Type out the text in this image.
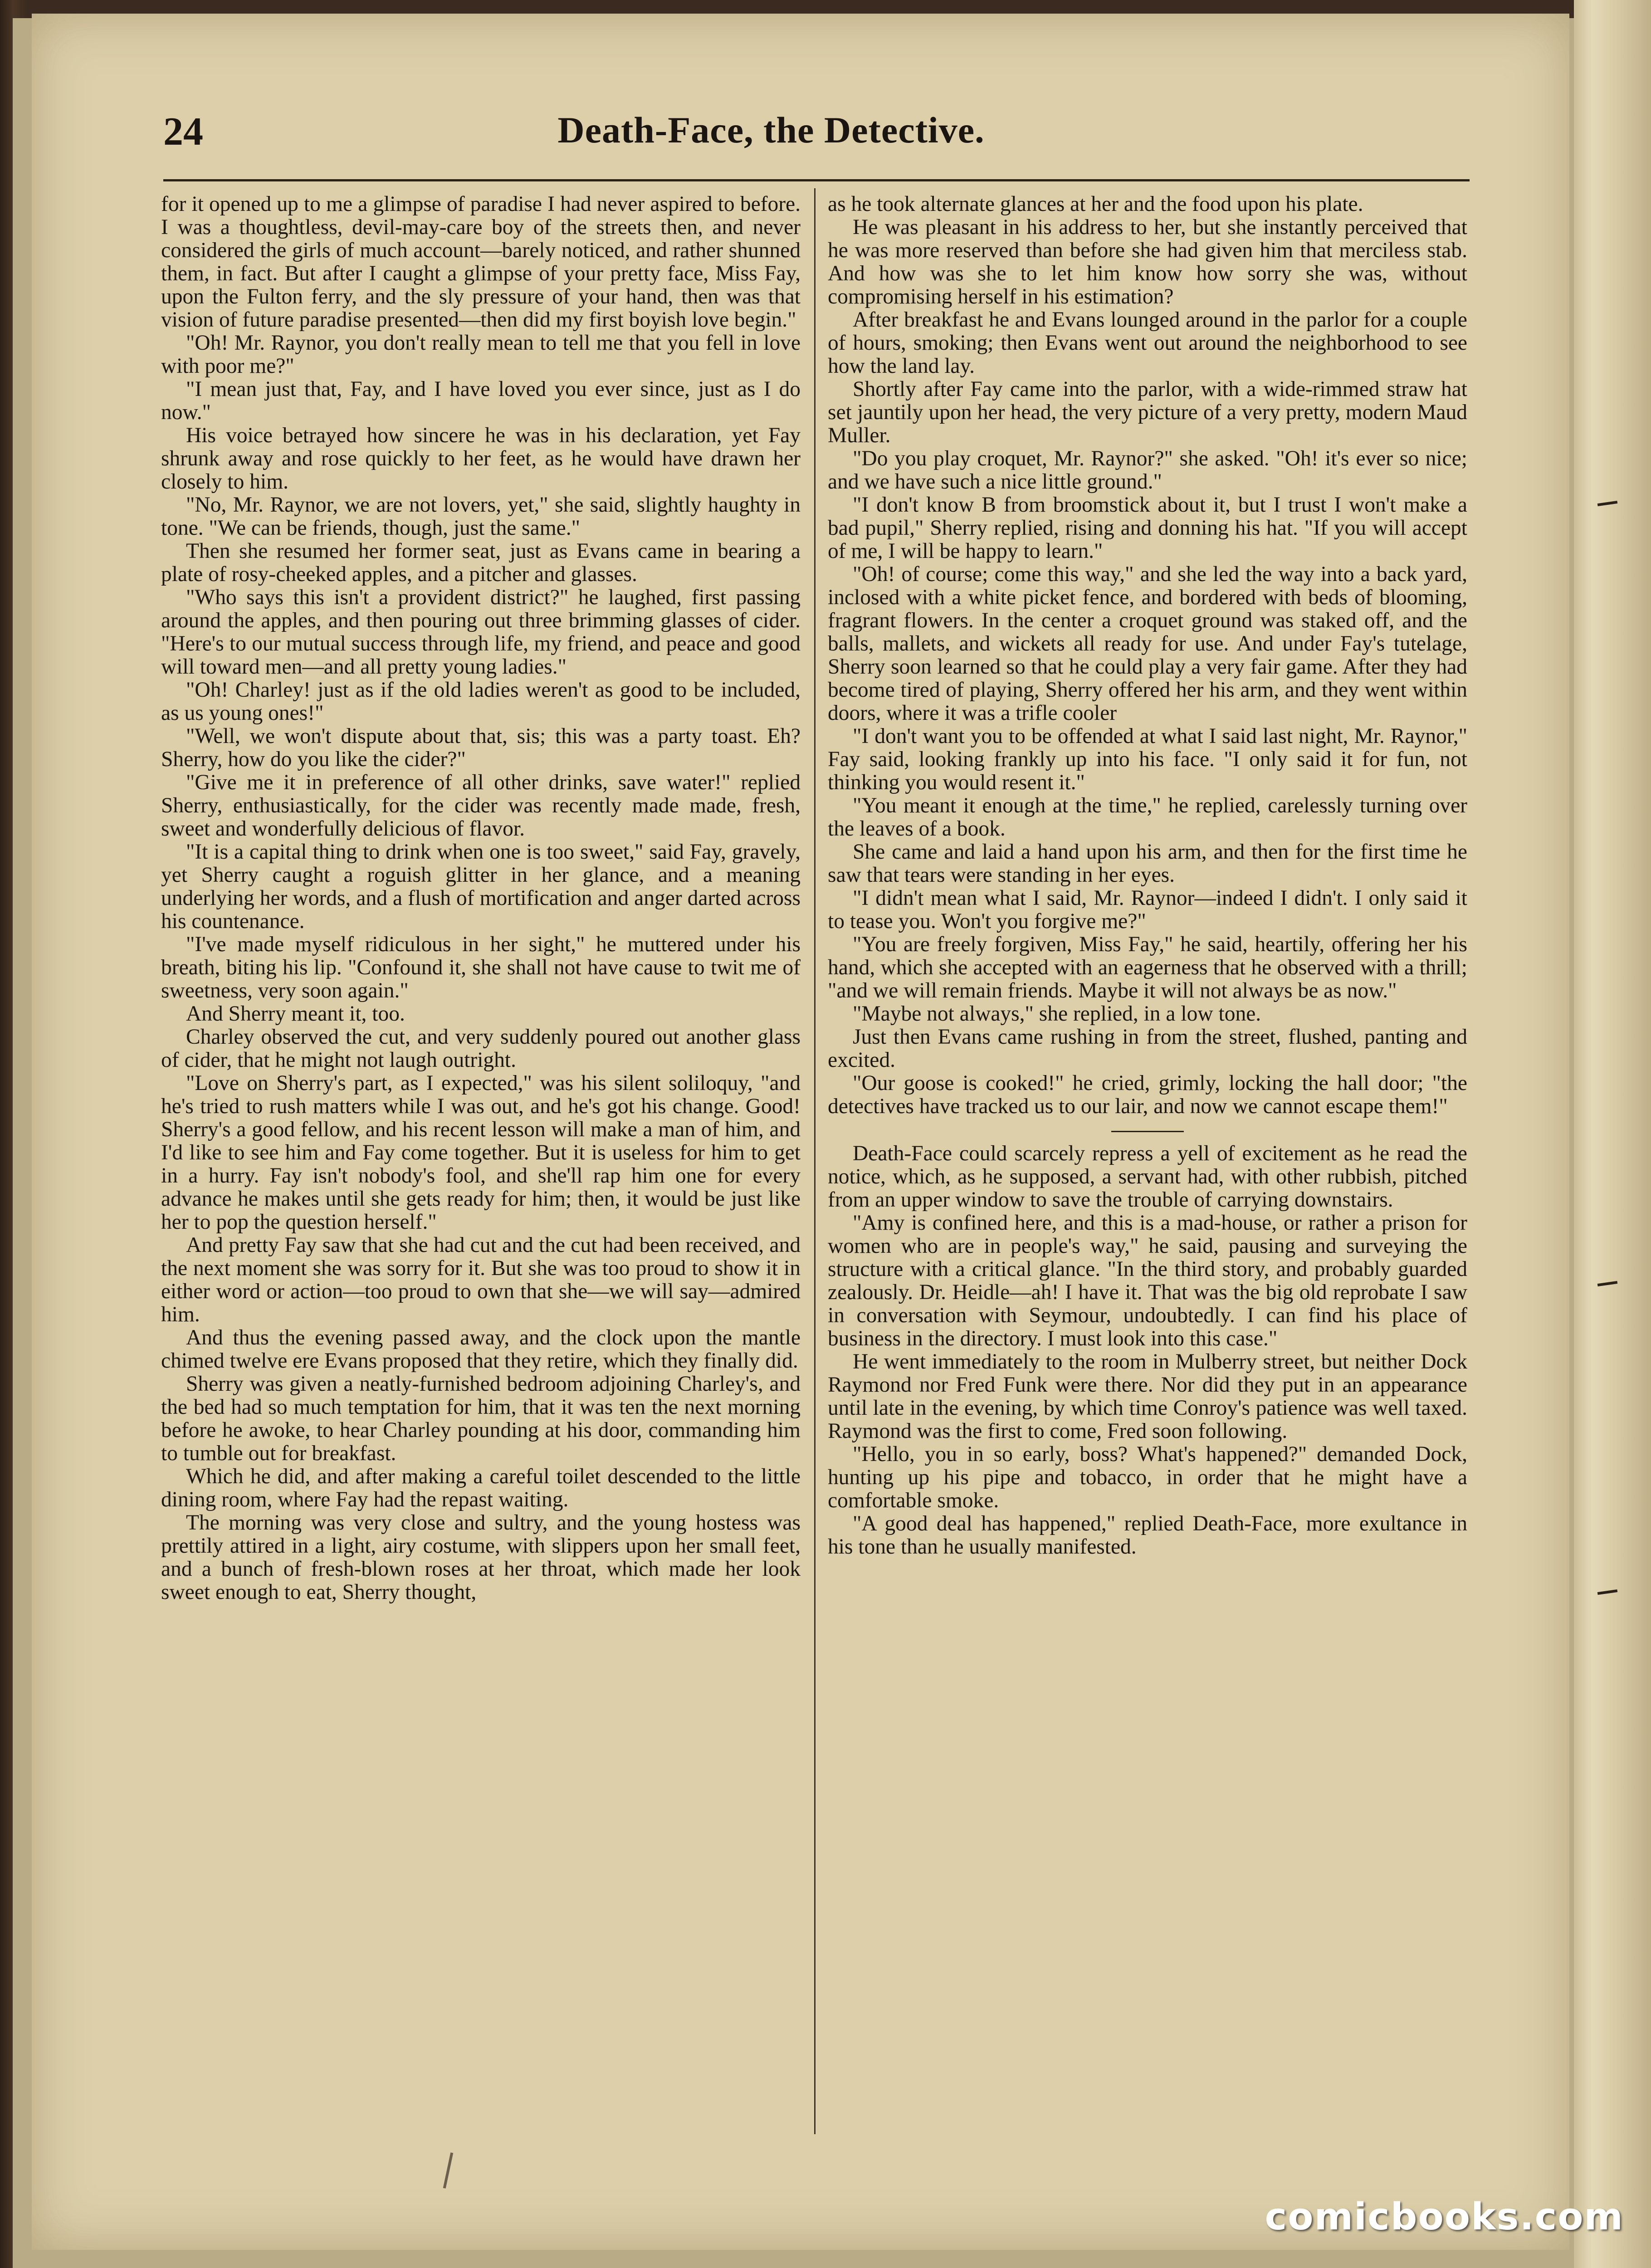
24	Death-Face, the Detective.

for it opened up to me a glimpse of paradise I had never aspired to before. I was a thoughtless, devil-may-care boy of the streets then, and never considered the girls of much account—barely noticed, and rather shunned them, in fact. But after I caught a glimpse of your pretty face, Miss Fay, upon the Fulton ferry, and the sly pressure of your hand, then was that vision of future paradise presented—then did my first boyish love begin."

"Oh! Mr. Raynor, you don't really mean to tell me that you fell in love with poor me?"

"I mean just that, Fay, and I have loved you ever since, just as I do now."

His voice betrayed how sincere he was in his declaration, yet Fay shrunk away and rose quickly to her feet, as he would have drawn her closely to him.

"No, Mr. Raynor, we are not lovers, yet," she said, slightly haughty in tone. "We can be friends, though, just the same."

Then she resumed her former seat, just as Evans came in bearing a plate of rosy-cheeked apples, and a pitcher and glasses.

"Who says this isn't a provident district?" he laughed, first passing around the apples, and then pouring out three brimming glasses of cider. "Here's to our mutual success through life, my friend, and peace and good will toward men—and all pretty young ladies."

"Oh! Charley! just as if the old ladies weren't as good to be included, as us young ones!"

"Well, we won't dispute about that, sis; this was a party toast. Eh? Sherry, how do you like the cider?"

"Give me it in preference of all other drinks, save water!" replied Sherry, enthusiastically, for the cider was recently made made, fresh, sweet and wonderfully delicious of flavor.

"It is a capital thing to drink when one is too sweet," said Fay, gravely, yet Sherry caught a roguish glitter in her glance, and a meaning underlying her words, and a flush of mortification and anger darted across his countenance.

"I've made myself ridiculous in her sight," he muttered under his breath, biting his lip. "Confound it, she shall not have cause to twit me of sweetness, very soon again."

And Sherry meant it, too.

Charley observed the cut, and very suddenly poured out another glass of cider, that he might not laugh outright.

"Love on Sherry's part, as I expected," was his silent soliloquy, "and he's tried to rush matters while I was out, and he's got his change. Good! Sherry's a good fellow, and his recent lesson will make a man of him, and I'd like to see him and Fay come together. But it is useless for him to get in a hurry. Fay isn't nobody's fool, and she'll rap him one for every advance he makes until she gets ready for him; then, it would be just like her to pop the question herself."

And pretty Fay saw that she had cut and the cut had been received, and the next moment she was sorry for it. But she was too proud to show it in either word or action—too proud to own that she—we will say—admired him.

And thus the evening passed away, and the clock upon the mantle chimed twelve ere Evans proposed that they retire, which they finally did.

Sherry was given a neatly-furnished bedroom adjoining Charley's, and the bed had so much temptation for him, that it was ten the next morning before he awoke, to hear Charley pounding at his door, commanding him to tumble out for breakfast.

Which he did, and after making a careful toilet descended to the little dining room, where Fay had the repast waiting.

The morning was very close and sultry, and the young hostess was prettily attired in a light, airy costume, with slippers upon her small feet, and a bunch of fresh-blown roses at her throat, which made her look sweet enough to eat, Sherry thought,

as he took alternate glances at her and the food upon his plate.

He was pleasant in his address to her, but she instantly perceived that he was more reserved than before she had given him that merciless stab. And how was she to let him know how sorry she was, without compromising herself in his estimation?

After breakfast he and Evans lounged around in the parlor for a couple of hours, smoking; then Evans went out around the neighborhood to see how the land lay.

Shortly after Fay came into the parlor, with a wide-rimmed straw hat set jauntily upon her head, the very picture of a very pretty, modern Maud Muller.

"Do you play croquet, Mr. Raynor?" she asked. "Oh! it's ever so nice; and we have such a nice little ground."

"I don't know B from broomstick about it, but I trust I won't make a bad pupil," Sherry replied, rising and donning his hat. "If you will accept of me, I will be happy to learn."

"Oh! of course; come this way," and she led the way into a back yard, inclosed with a white picket fence, and bordered with beds of blooming, fragrant flowers. In the center a croquet ground was staked off, and the balls, mallets, and wickets all ready for use. And under Fay's tutelage, Sherry soon learned so that he could play a very fair game. After they had become tired of playing, Sherry offered her his arm, and they went within doors, where it was a trifle cooler

"I don't want you to be offended at what I said last night, Mr. Raynor," Fay said, looking frankly up into his face. "I only said it for fun, not thinking you would resent it."

"You meant it enough at the time," he replied, carelessly turning over the leaves of a book.

She came and laid a hand upon his arm, and then for the first time he saw that tears were standing in her eyes.

"I didn't mean what I said, Mr. Raynor—indeed I didn't. I only said it to tease you. Won't you forgive me?"

"You are freely forgiven, Miss Fay," he said, heartily, offering her his hand, which she accepted with an eagerness that he observed with a thrill; "and we will remain friends. Maybe it will not always be as now."

"Maybe not always," she replied, in a low tone.

Just then Evans came rushing in from the street, flushed, panting and excited.

"Our goose is cooked!" he cried, grimly, locking the hall door; "the detectives have tracked us to our lair, and now we cannot escape them!"

Death-Face could scarcely repress a yell of excitement as he read the notice, which, as he supposed, a servant had, with other rubbish, pitched from an upper window to save the trouble of carrying downstairs.

"Amy is confined here, and this is a mad-house, or rather a prison for women who are in people's way," he said, pausing and surveying the structure with a critical glance. "In the third story, and probably guarded zealously. Dr. Heidle—ah! I have it. That was the big old reprobate I saw in conversation with Seymour, undoubtedly. I can find his place of business in the directory. I must look into this case."

He went immediately to the room in Mulberry street, but neither Dock Raymond nor Fred Funk were there. Nor did they put in an appearance until late in the evening, by which time Conroy's patience was well taxed. Raymond was the first to come, Fred soon following.

"Hello, you in so early, boss? What's happened?" demanded Dock, hunting up his pipe and tobacco, in order that he might have a comfortable smoke.

"A good deal has happened," replied Death-Face, more exultance in his tone than he usually manifested.

comicbooks.com
